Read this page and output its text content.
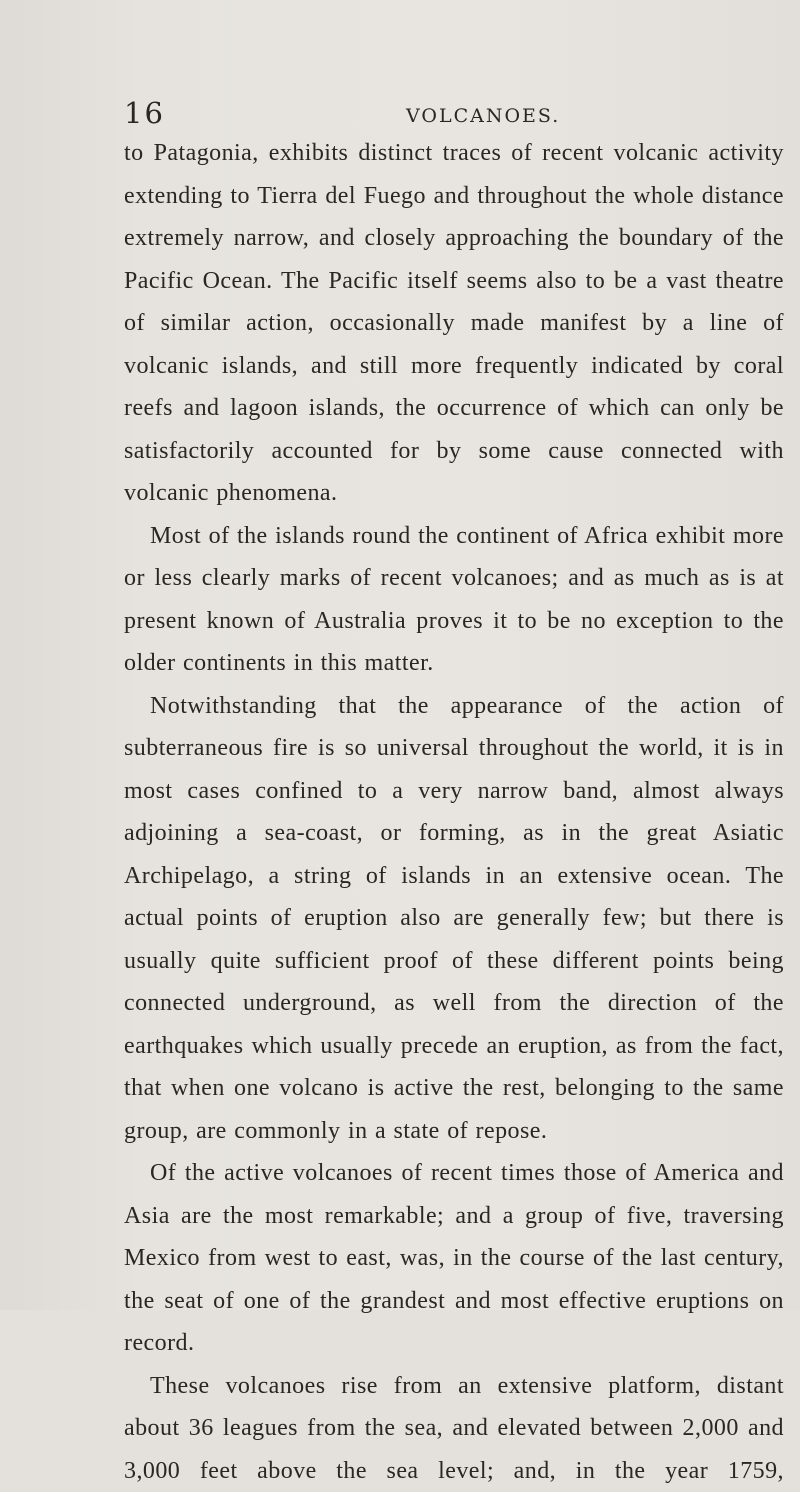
16	VOLCANOES.

to Patagonia, exhibits distinct traces of recent volcanic activity extending to Tierra del Fuego and throughout the whole distance extremely narrow, and closely approaching the boundary of the Pacific Ocean. The Pacific itself seems also to be a vast theatre of similar action, occasionally made manifest by a line of volcanic islands, and still more frequently indicated by coral reefs and lagoon islands, the occurrence of which can only be satisfactorily accounted for by some cause connected with volcanic phenomena.

Most of the islands round the continent of Africa exhibit more or less clearly marks of recent volcanoes; and as much as is at present known of Australia proves it to be no exception to the older continents in this matter.

Notwithstanding that the appearance of the action of subterraneous fire is so universal throughout the world, it is in most cases confined to a very narrow band, almost always adjoining a sea-coast, or forming, as in the great Asiatic Archipelago, a string of islands in an extensive ocean. The actual points of eruption also are generally few; but there is usually quite sufficient proof of these different points being connected underground, as well from the direction of the earthquakes which usually precede an eruption, as from the fact, that when one volcano is active the rest, belonging to the same group, are commonly in a state of repose.

Of the active volcanoes of recent times those of America and Asia are the most remarkable; and a group of five, traversing Mexico from west to east, was, in the course of the last century, the seat of one of the grandest and most effective eruptions on record.

These volcanoes rise from an extensive platform, distant about 36 leagues from the sea, and elevated between 2,000 and 3,000 feet above the sea level; and, in the year 1759,
